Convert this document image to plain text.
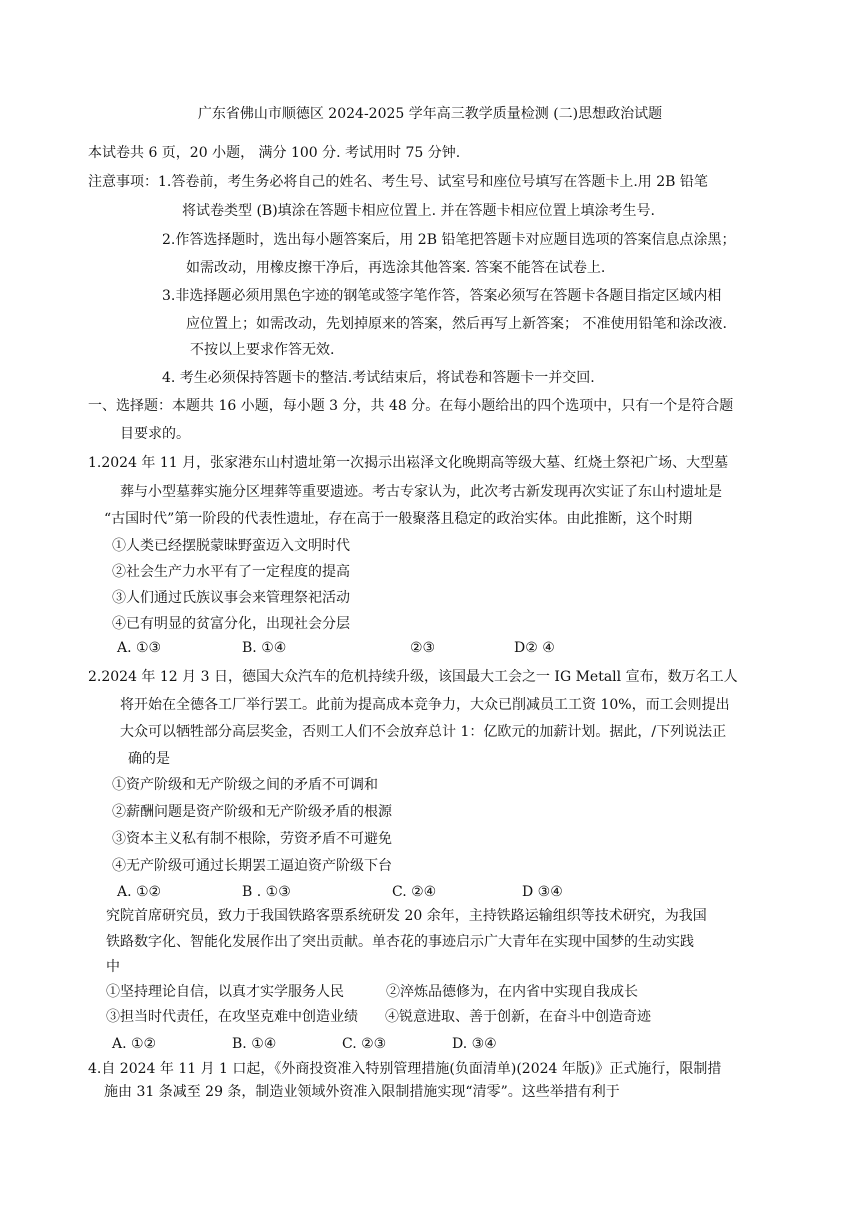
广东省佛山市顺德区 2024-2025 学年高三教学质量检测 (二)思想政治试题
本试卷共 6 页，20 小题， 满分 100 分. 考试用时 75 分钟.
注意事项：1.答卷前，考生务必将自己的姓名、考生号、试室号和座位号填写在答题卡上.用 2B 铅笔
将试卷类型 (B)填涂在答题卡相应位置上. 并在答题卡相应位置上填涂考生号.
2.作答选择题时，选出每小题答案后，用 2B 铅笔把答题卡对应题目选项的答案信息点涂黑；
如需改动，用橡皮擦干净后，再选涂其他答案. 答案不能答在试卷上.
3.非选择题必须用黑色字迹的钢笔或签字笔作答，答案必须写在答题卡各题目指定区域内相
应位置上；如需改动，先划掉原来的答案，然后再写上新答案； 不准使用铅笔和涂改液.
不按以上要求作答无效.
4. 考生必须保持答题卡的整洁.考试结束后，将试卷和答题卡一并交回.
一、选择题：本题共 16 小题，每小题 3 分，共 48 分。在每小题给出的四个选项中，只有一个是符合题
目要求的。
1.2024 年 11 月，张家港东山村遗址第一次揭示出崧泽文化晚期高等级大墓、红烧土祭祀广场、大型墓
葬与小型墓葬实施分区埋葬等重要遗迹。考古专家认为，此次考古新发现再次实证了东山村遗址是
“古国时代”第一阶段的代表性遗址，存在高于一般聚落且稳定的政治实体。由此推断，这个时期
①人类已经摆脱蒙昧野蛮迈入文明时代
②社会生产力水平有了一定程度的提高
③人们通过氏族议事会来管理祭祀活动
④已有明显的贫富分化，出现社会分层
A. ①③	B. ①④	②③	D② ④
2.2024 年 12 月 3 日，德国大众汽车的危机持续升级，该国最大工会之一 IG Metall 宣布，数万名工人
将开始在全德各工厂举行罢工。此前为提高成本竞争力，大众已削减员工工资 10%，而工会则提出
大众可以牺牲部分高层奖金，否则工人们不会放弃总计 1：亿欧元的加薪计划。据此，/下列说法正
确的是
①资产阶级和无产阶级之间的矛盾不可调和
②薪酬问题是资产阶级和无产阶级矛盾的根源
③资本主义私有制不根除，劳资矛盾不可避免
④无产阶级可通过长期罢工逼迫资产阶级下台
A. ①②	B . ①③	C. ②④	D ③④
究院首席研究员，致力于我国铁路客票系统研发 20 余年，主持铁路运输组织等技术研究，为我国
铁路数字化、智能化发展作出了突出贡献。单杏花的事迹启示广大青年在实现中国梦的生动实践
中
①坚持理论自信，以真才实学服务人民	②淬炼品德修为，在内省中实现自我成长
③担当时代责任，在攻坚克难中创造业绩 ④锐意进取、善于创新，在奋斗中创造奇迹
A. ①②	B. ①④	C. ②③	D. ③④
4.自 2024 年 11 月 1 口起，《外商投资准入特别管理措施(负面清单)(2024 年版)》正式施行，限制措
施由 31 条减至 29 条，制造业领域外资准入限制措施实现“清零”。这些举措有利于
